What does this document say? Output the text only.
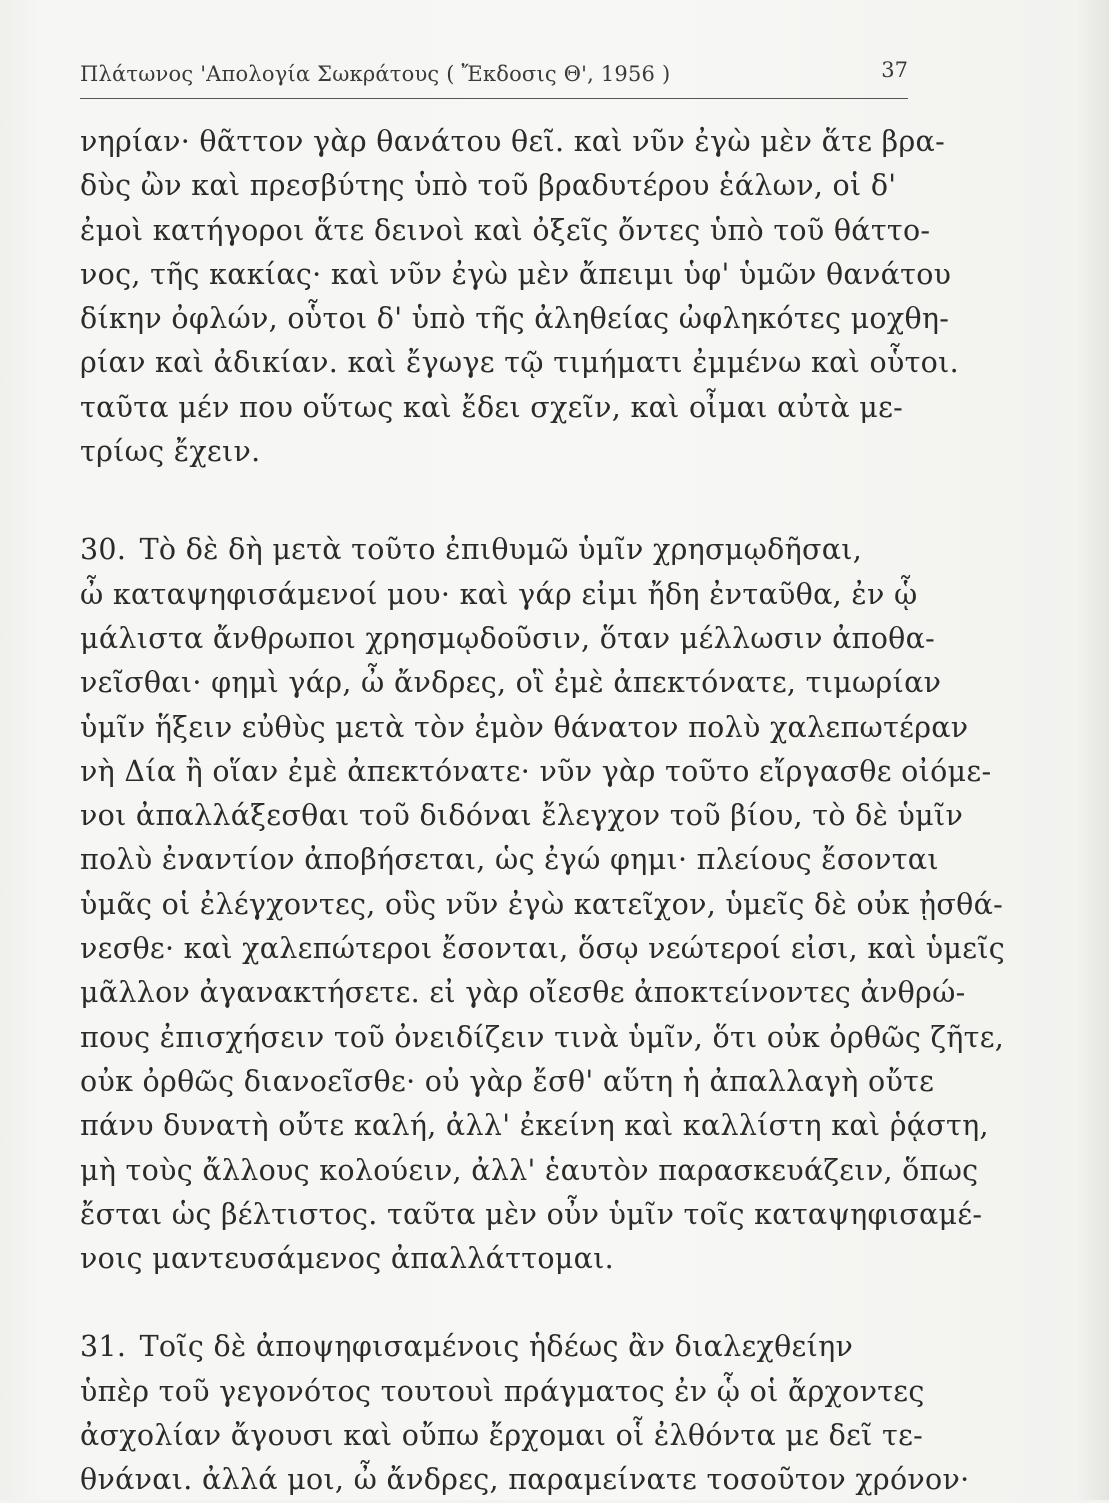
Πλάτωνος 'Απολογία Σωκράτους ( Ἔκδοσις Θ', 1956 )	37
νηρίαν· θᾶττον γὰρ θανάτου θεῖ. καὶ νῦν ἐγὼ μὲν ἅτε βρα-
δὺς ὢν καὶ πρεσβύτης ὑπὸ τοῦ βραδυτέρου ἑάλων, οἱ δ'
ἐμοὶ κατήγοροι ἅτε δεινοὶ καὶ ὀξεῖς ὄντες ὑπὸ τοῦ θάττο-
νος, τῆς κακίας· καὶ νῦν ἐγὼ μὲν ἄπειμι ὑφ' ὑμῶν θανάτου
δίκην ὀφλών, οὗτοι δ' ὑπὸ τῆς ἀληθείας ὠφληκότες μοχθη-
ρίαν καὶ ἀδικίαν. καὶ ἔγωγε τῷ τιμήματι ἐμμένω καὶ οὗτοι.
ταῦτα μέν που οὕτως καὶ ἔδει σχεῖν, καὶ οἶμαι αὐτὰ με-
τρίως ἔχειν.
30. Τὸ δὲ δὴ μετὰ τοῦτο ἐπιθυμῶ ὑμῖν χρησμῳδῆσαι,
ὦ καταψηφισάμενοί μου· καὶ γάρ εἰμι ἤδη ἐνταῦθα, ἐν ᾧ
μάλιστα ἄνθρωποι χρησμῳδοῦσιν, ὅταν μέλλωσιν ἀποθα-
νεῖσθαι· φημὶ γάρ, ὦ ἄνδρες, οἳ ἐμὲ ἀπεκτόνατε, τιμωρίαν
ὑμῖν ἥξειν εὐθὺς μετὰ τὸν ἐμὸν θάνατον πολὺ χαλεπωτέραν
νὴ Δία ἢ οἵαν ἐμὲ ἀπεκτόνατε· νῦν γὰρ τοῦτο εἴργασθε οἰόμε-
νοι ἀπαλλάξεσθαι τοῦ διδόναι ἔλεγχον τοῦ βίου, τὸ δὲ ὑμῖν
πολὺ ἐναντίον ἀποβήσεται, ὡς ἐγώ φημι· πλείους ἔσονται
ὑμᾶς οἱ ἐλέγχοντες, οὓς νῦν ἐγὼ κατεῖχον, ὑμεῖς δὲ οὐκ ᾐσθά-
νεσθε· καὶ χαλεπώτεροι ἔσονται, ὅσῳ νεώτεροί εἰσι, καὶ ὑμεῖς
μᾶλλον ἀγανακτήσετε. εἰ γὰρ οἴεσθε ἀποκτείνοντες ἀνθρώ-
πους ἐπισχήσειν τοῦ ὀνειδίζειν τινὰ ὑμῖν, ὅτι οὐκ ὀρθῶς ζῆτε,
οὐκ ὀρθῶς διανοεῖσθε· οὐ γὰρ ἔσθ' αὕτη ἡ ἀπαλλαγὴ οὔτε
πάνυ δυνατὴ οὔτε καλή, ἀλλ' ἐκείνη καὶ καλλίστη καὶ ῥᾴστη,
μὴ τοὺς ἄλλους κολούειν, ἀλλ' ἑαυτὸν παρασκευάζειν, ὅπως
ἔσται ὡς βέλτιστος. ταῦτα μὲν οὖν ὑμῖν τοῖς καταψηφισαμέ-
νοις μαντευσάμενος ἀπαλλάττομαι.
31. Τοῖς δὲ ἀποψηφισαμένοις ἡδέως ἂν διαλεχθείην
ὑπὲρ τοῦ γεγονότος τουτουὶ πράγματος ἐν ᾧ οἱ ἄρχοντες
ἀσχολίαν ἄγουσι καὶ οὔπω ἔρχομαι οἷ ἐλθόντα με δεῖ τε-
θνάναι. ἀλλά μοι, ὦ ἄνδρες, παραμείνατε τοσοῦτον χρόνον·
